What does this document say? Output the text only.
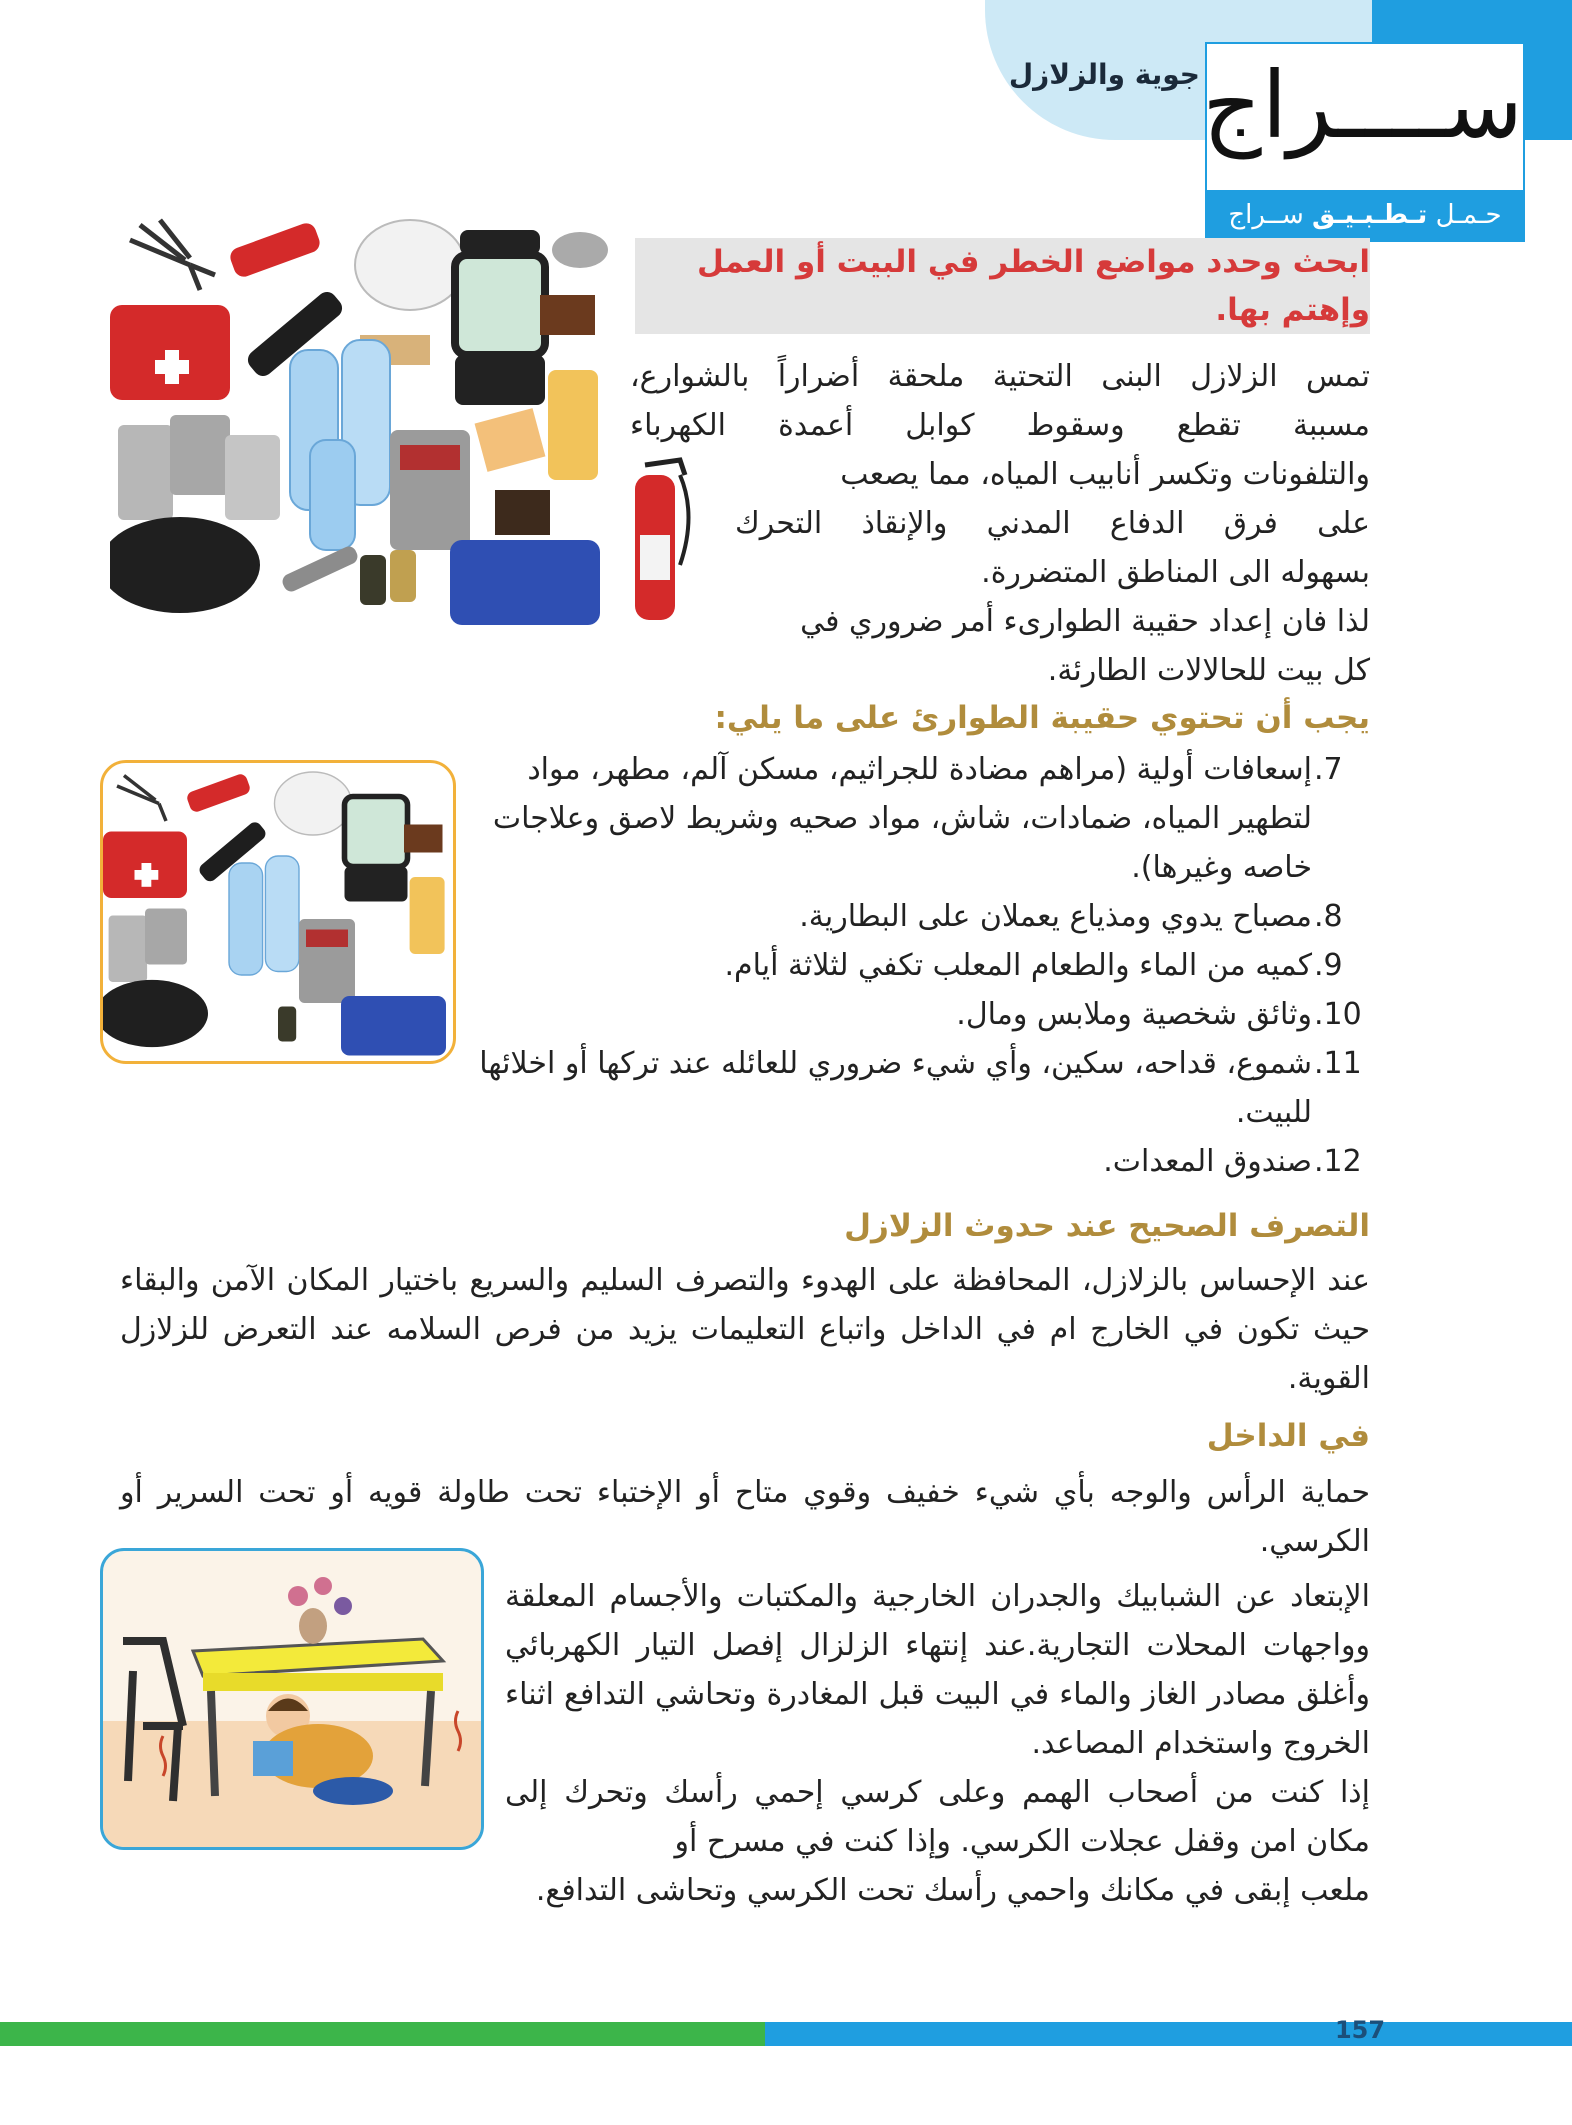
جوية والزلازل ســــراج
حـمـل تـطـبـيـق ســراج
ابحث وحدد مواضع الخطر في البيت أو العمل وإهتم بها.
تمس الزلازل البنى التحتية ملحقة أضراراً بالشوارع،
مسببة تقطع وسقوط كوابل أعمدة الكهرباء
والتلفونات وتكسر أنابيب المياه، مما يصعب
على فرق الدفاع المدني والإنقاذ التحرك
بسهوله الى المناطق المتضررة.
لذا فان إعداد حقيبة الطوارىء أمر ضروري في
كل بيت للحالالات الطارئة.
يجب أن تحتوي حقيبة الطوارئ على ما يلي:
7.
إسعافات أولية (مراهم مضادة للجراثيم، مسكن آلم، مطهر، مواد لتطهير المياه، ضمادات، شاش، مواد صحيه وشريط لاصق وعلاجات خاصه وغيرها).
8.
مصباح يدوي ومذياع يعملان على البطارية.
9.
كميه من الماء والطعام المعلب تكفي لثلاثة أيام.
10.
وثائق شخصية وملابس ومال.
11.
شموع، قداحه، سكين، وأي شيء ضروري للعائله عند تركها أو اخلائها للبيت.
12.
صندوق المعدات.
التصرف الصحيح عند حدوث الزلازل
عند الإحساس بالزلازل، المحافظة على الهدوء والتصرف السليم والسريع باختيار المكان الآمن والبقاء حيث تكون في الخارج ام في الداخل واتباع التعليمات يزيد من فرص السلامه عند التعرض للزلازل القوية.
في الداخل
حماية الرأس والوجه بأي شيء خفيف وقوي متاح أو الإختباء تحت طاولة قويه أو تحت السرير أو الكرسي.
الإبتعاد عن الشبابيك والجدران الخارجية والمكتبات والأجسام المعلقة وواجهات المحلات التجارية.عند إنتهاء الزلزال إفصل التيار الكهربائي وأغلق مصادر الغاز والماء في البيت قبل المغادرة وتحاشي التدافع اثناء الخروج واستخدام المصاعد.
إذا كنت من أصحاب الهمم وعلى كرسي إحمي رأسك وتحرك إلى مكان امن وقفل عجلات الكرسي. وإذا كنت في مسرح أو
ملعب إبقى في مكانك واحمي رأسك تحت الكرسي وتحاشى التدافع.
157
